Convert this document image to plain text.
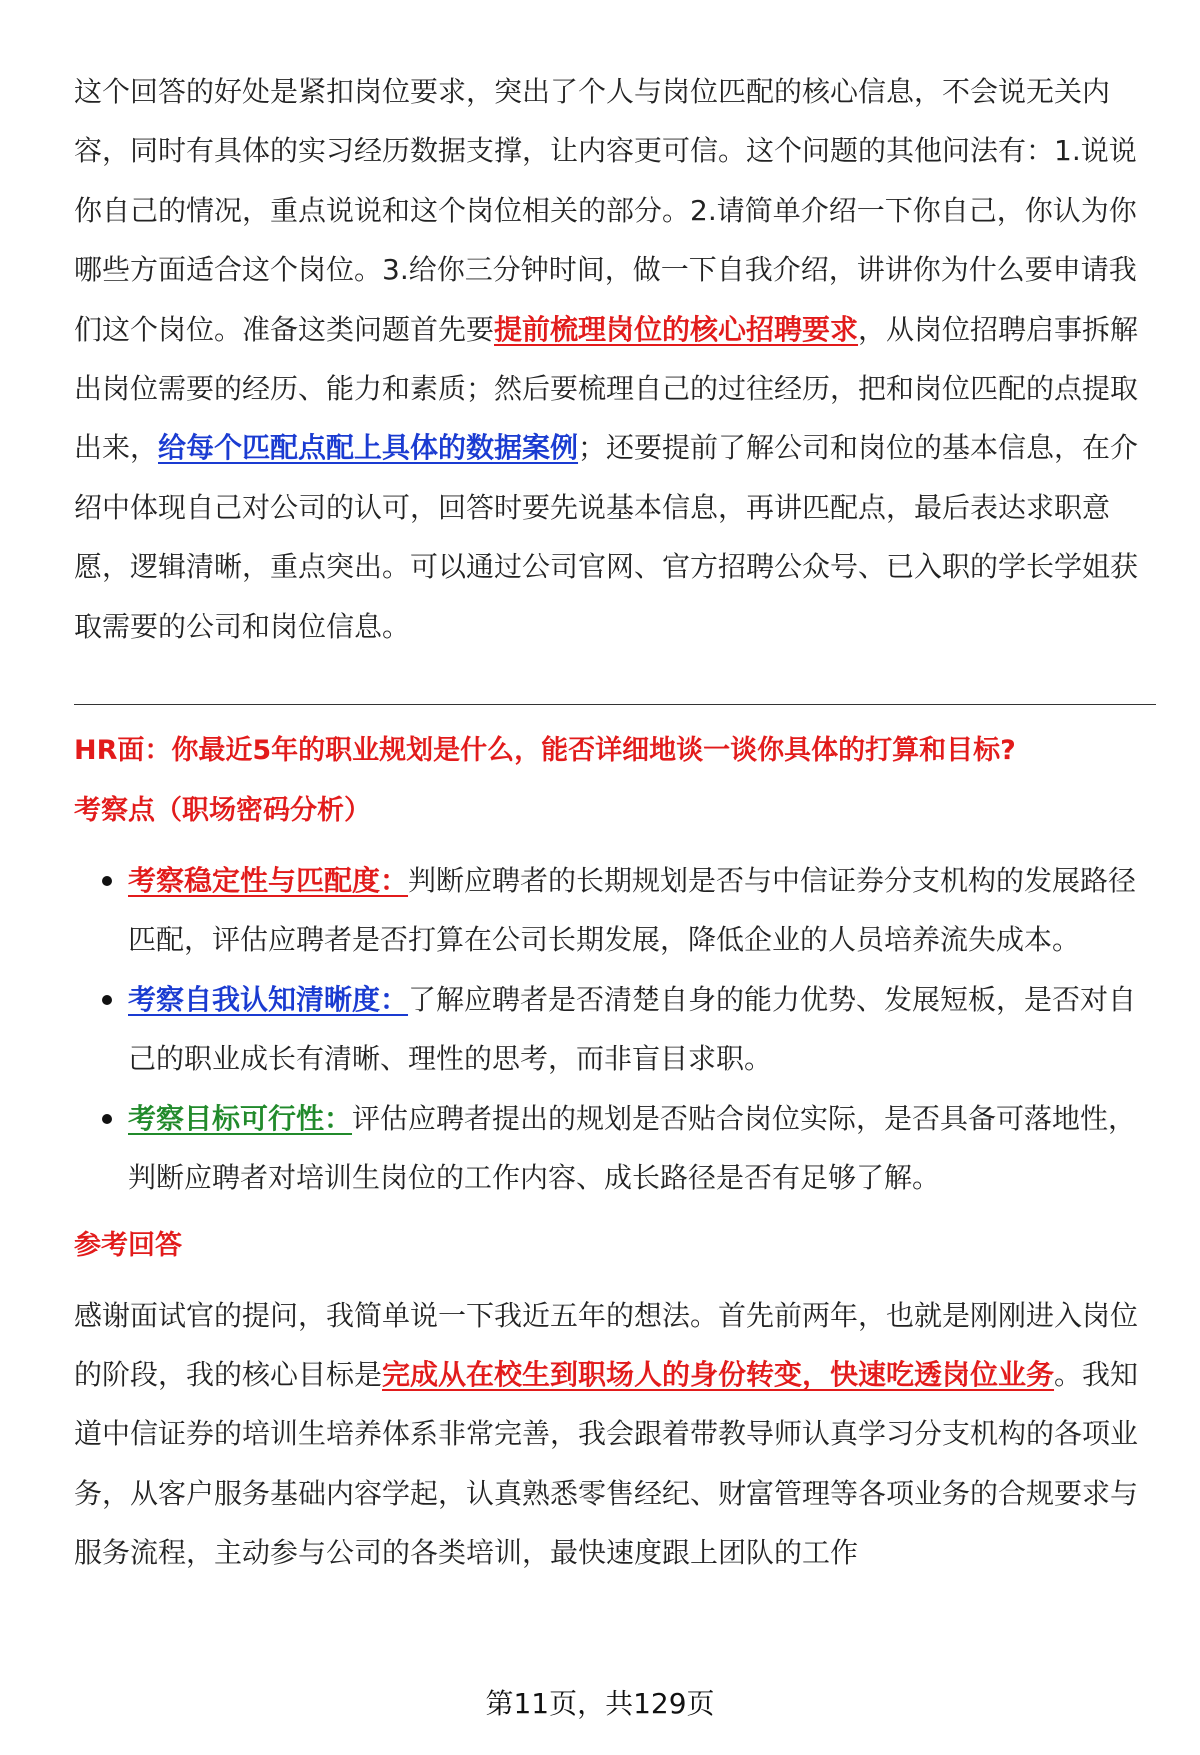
这个回答的好处是紧扣岗位要求，突出了个人与岗位匹配的核心信息，不会说无关内容，同时有具体的实习经历数据支撑，让内容更可信。这个问题的其他问法有：1.说说你自己的情况，重点说说和这个岗位相关的部分。2.请简单介绍一下你自己，你认为你哪些方面适合这个岗位。3.给你三分钟时间，做一下自我介绍，讲讲你为什么要申请我们这个岗位。准备这类问题首先要提前梳理岗位的核心招聘要求，从岗位招聘启事拆解出岗位需要的经历、能力和素质；然后要梳理自己的过往经历，把和岗位匹配的点提取出来，给每个匹配点配上具体的数据案例；还要提前了解公司和岗位的基本信息，在介绍中体现自己对公司的认可，回答时要先说基本信息，再讲匹配点，最后表达求职意愿，逻辑清晰，重点突出。可以通过公司官网、官方招聘公众号、已入职的学长学姐获取需要的公司和岗位信息。

HR面：你最近5年的职业规划是什么，能否详细地谈一谈你具体的打算和目标?

考察点（职场密码分析）

考察稳定性与匹配度：判断应聘者的长期规划是否与中信证券分支机构的发展路径匹配，评估应聘者是否打算在公司长期发展，降低企业的人员培养流失成本。
考察自我认知清晰度：了解应聘者是否清楚自身的能力优势、发展短板，是否对自己的职业成长有清晰、理性的思考，而非盲目求职。
考察目标可行性：评估应聘者提出的规划是否贴合岗位实际，是否具备可落地性，判断应聘者对培训生岗位的工作内容、成长路径是否有足够了解。

参考回答

感谢面试官的提问，我简单说一下我近五年的想法。首先前两年，也就是刚刚进入岗位的阶段，我的核心目标是完成从在校生到职场人的身份转变，快速吃透岗位业务。我知道中信证券的培训生培养体系非常完善，我会跟着带教导师认真学习分支机构的各项业务，从客户服务基础内容学起，认真熟悉零售经纪、财富管理等各项业务的合规要求与服务流程，主动参与公司的各类培训，最快速度跟上团队的工作

第11页，共129页
